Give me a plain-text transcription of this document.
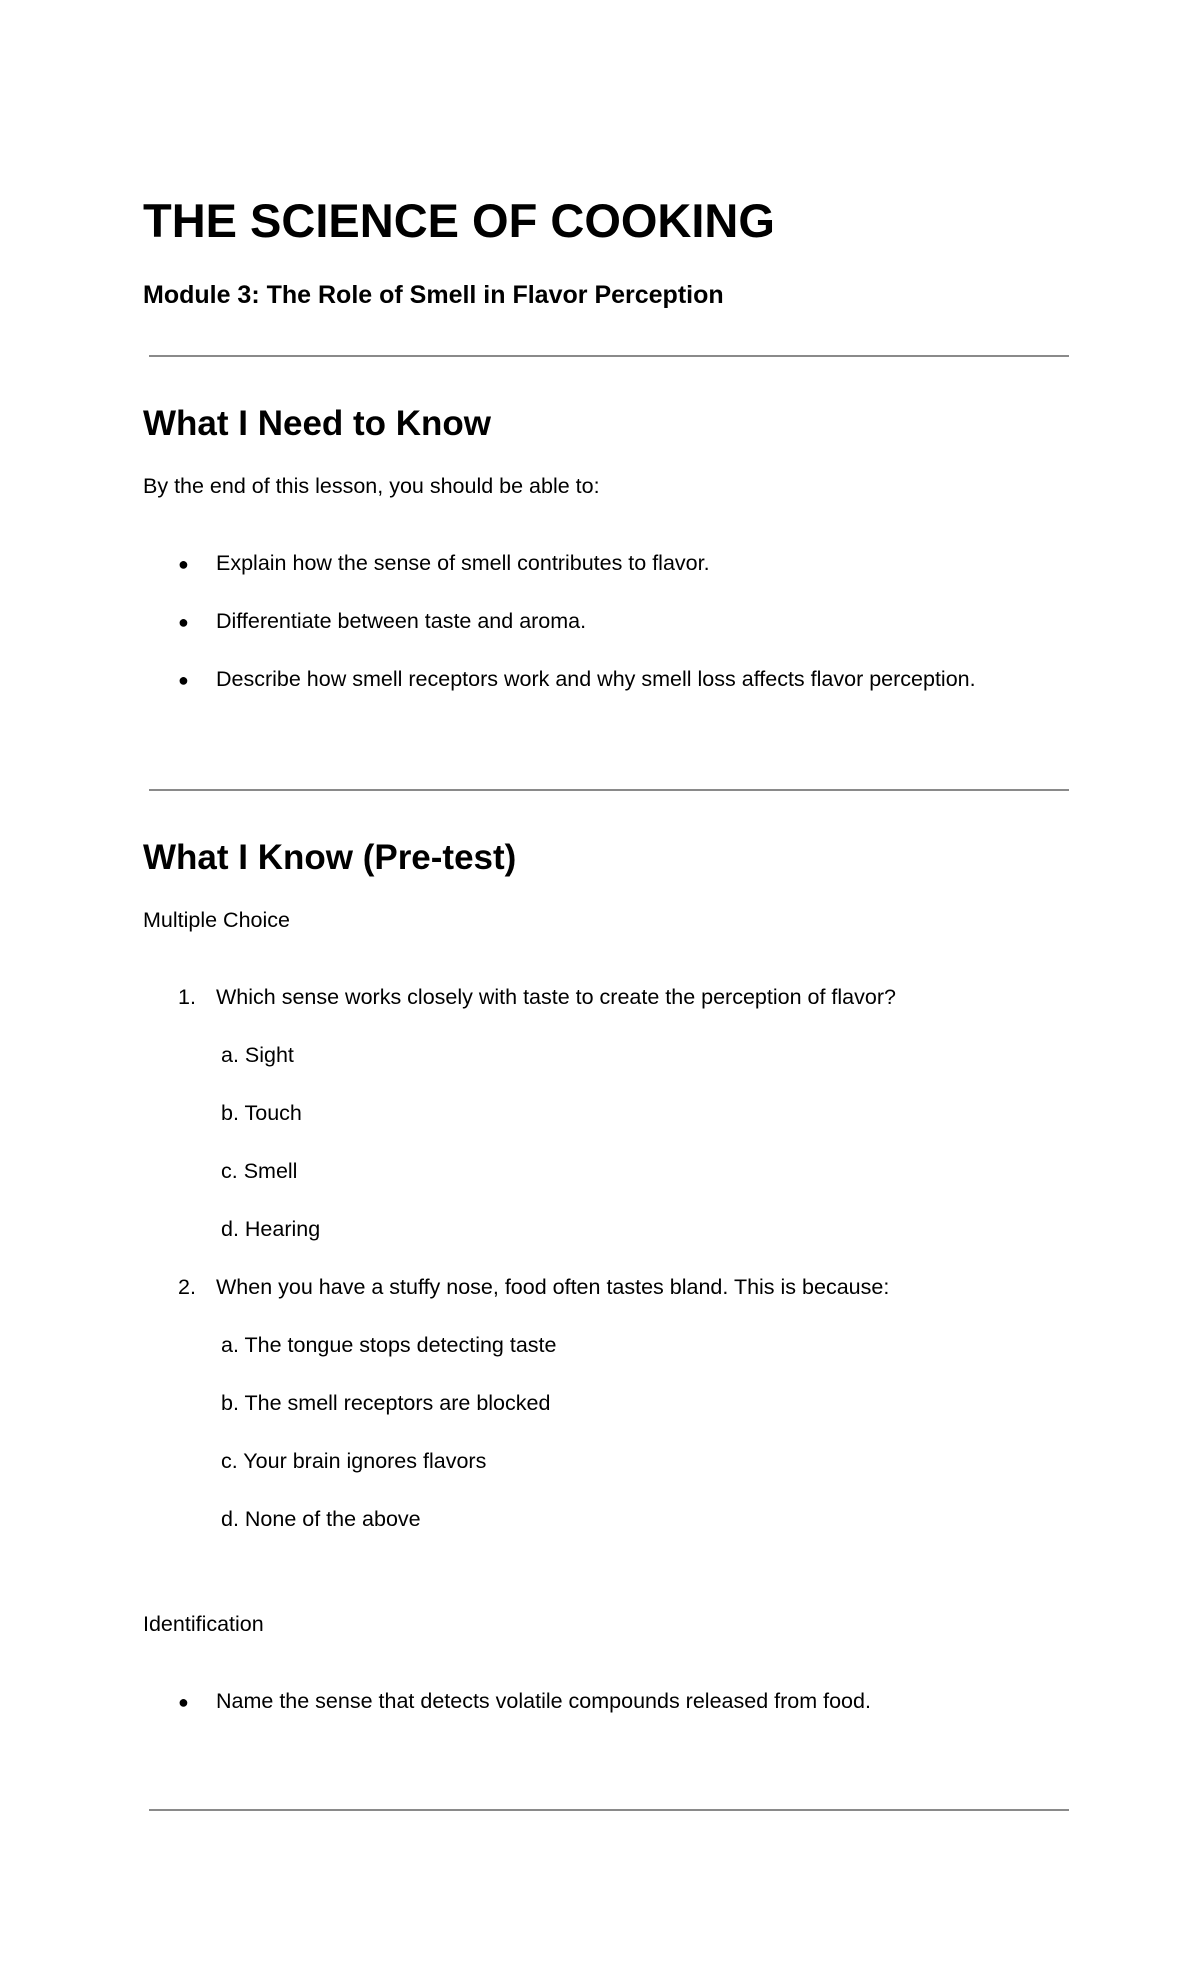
THE SCIENCE OF COOKING
Module 3: The Role of Smell in Flavor Perception
What I Need to Know
By the end of this lesson, you should be able to:
● Explain how the sense of smell contributes to flavor.
● Differentiate between taste and aroma.
● Describe how smell receptors work and why smell loss affects flavor perception.
What I Know (Pre-test)
Multiple Choice
1. Which sense works closely with taste to create the perception of flavor?
a. Sight
b. Touch
c. Smell
d. Hearing
2. When you have a stuffy nose, food often tastes bland. This is because:
a. The tongue stops detecting taste
b. The smell receptors are blocked
c. Your brain ignores flavors
d. None of the above
Identification
● Name the sense that detects volatile compounds released from food.
